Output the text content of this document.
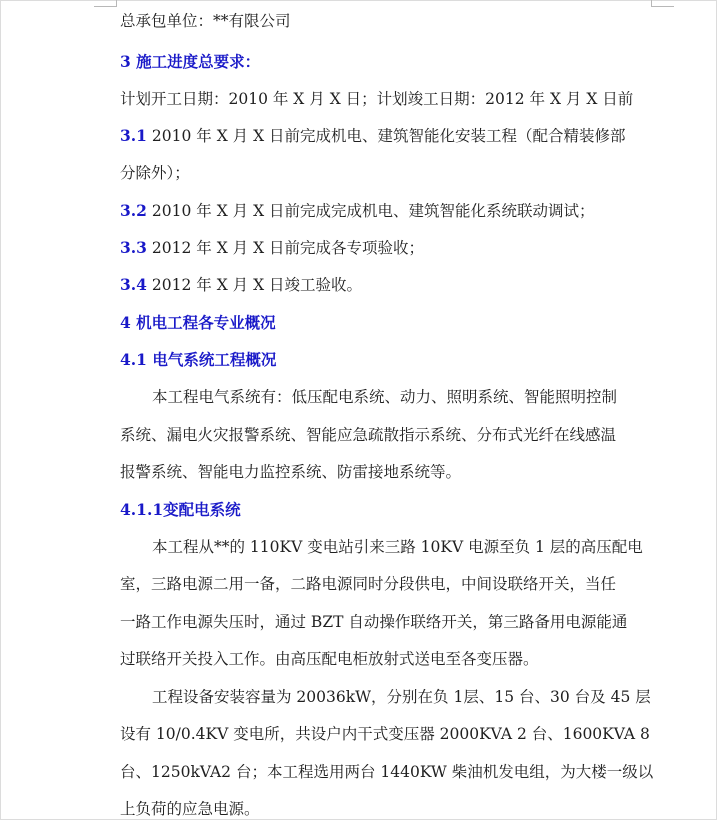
总承包单位：**有限公司
3 施工进度总要求：
计划开工日期：2010 年 X 月 X 日；计划竣工日期：2012 年 X 月 X 日前
3.1 2010 年 X 月 X 日前完成机电、建筑智能化安装工程（配合精装修部
分除外）；
3.2 2010 年 X 月 X 日前完成完成机电、建筑智能化系统联动调试；
3.3 2012 年 X 月 X 日前完成各专项验收；
3.4 2012 年 X 月 X 日竣工验收。
4 机电工程各专业概况
4.1 电气系统工程概况
本工程电气系统有：低压配电系统、动力、照明系统、智能照明控制
系统、漏电火灾报警系统、智能应急疏散指示系统、分布式光纤在线感温
报警系统、智能电力监控系统、防雷接地系统等。
4.1.1变配电系统
本工程从**的 110KV 变电站引来三路 10KV 电源至负 1 层的高压配电
室，三路电源二用一备，二路电源同时分段供电，中间设联络开关，当任
一路工作电源失压时，通过 BZT 自动操作联络开关，第三路备用电源能通
过联络开关投入工作。由高压配电柜放射式送电至各变压器。
工程设备安装容量为 20036kW，分别在负 1层、15 台、30 台及 45 层
设有 10/0.4KV 变电所，共设户内干式变压器 2000KVA 2 台、1600KVA 8
台、1250kVA2 台；本工程选用两台 1440KW 柴油机发电组，为大楼一级以
上负荷的应急电源。
